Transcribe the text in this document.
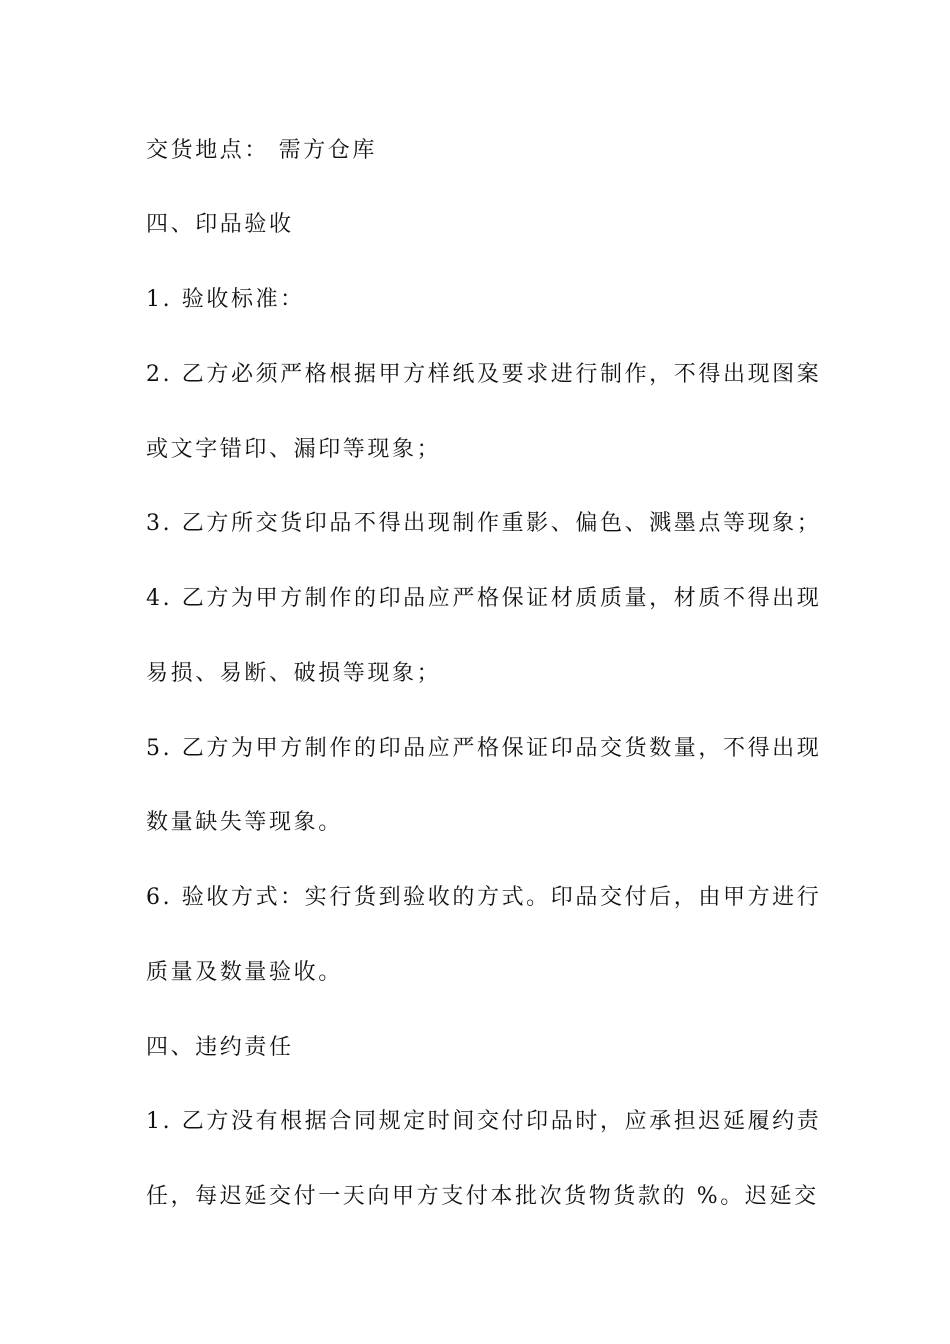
交货地点： 需方仓库
四、印品验收
1. 验收标准：
2. 乙方必须严格根据甲方样纸及要求进行制作，不得出现图案
或文字错印、漏印等现象；
3. 乙方所交货印品不得出现制作重影、偏色、溅墨点等现象；
4. 乙方为甲方制作的印品应严格保证材质质量，材质不得出现
易损、易断、破损等现象；
5. 乙方为甲方制作的印品应严格保证印品交货数量，不得出现
数量缺失等现象。
6. 验收方式：实行货到验收的方式。印品交付后，由甲方进行
质量及数量验收。
四、违约责任
1. 乙方没有根据合同规定时间交付印品时，应承担迟延履约责
任，每迟延交付一天向甲方支付本批次货物货款的 %。迟延交
